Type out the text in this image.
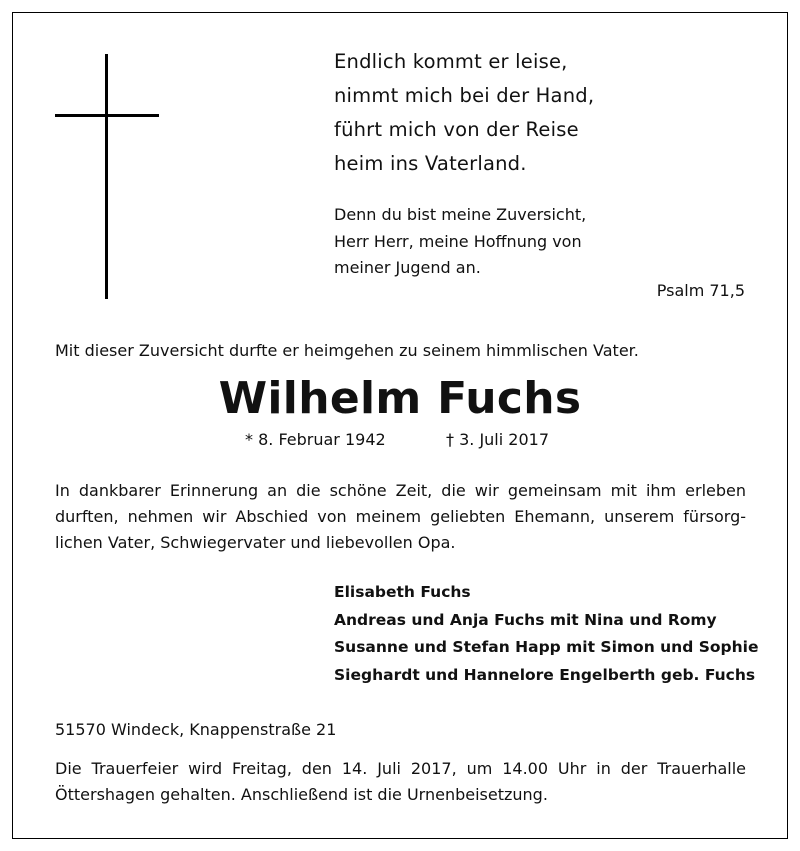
Endlich kommt er leise,
nimmt mich bei der Hand,
führt mich von der Reise
heim ins Vaterland.
Denn du bist meine Zuversicht,
Herr Herr, meine Hoffnung von
meiner Jugend an.
Psalm 71,5
Mit dieser Zuversicht durfte er heimgehen zu seinem himmlischen Vater.
Wilhelm Fuchs
* 8. Februar 1942	† 3. Juli 2017
In dankbarer Erinnerung an die schöne Zeit, die wir gemeinsam mit ihm erleben
durften, nehmen wir Abschied von meinem geliebten Ehemann, unserem fürsorg-
lichen Vater, Schwiegervater und liebevollen Opa.
Elisabeth Fuchs
Andreas und Anja Fuchs mit Nina und Romy
Susanne und Stefan Happ mit Simon und Sophie
Sieghardt und Hannelore Engelberth geb. Fuchs
51570 Windeck, Knappenstraße 21
Die Trauerfeier wird Freitag, den 14. Juli 2017, um 14.00 Uhr in der Trauerhalle
Öttershagen gehalten. Anschließend ist die Urnenbeisetzung.
